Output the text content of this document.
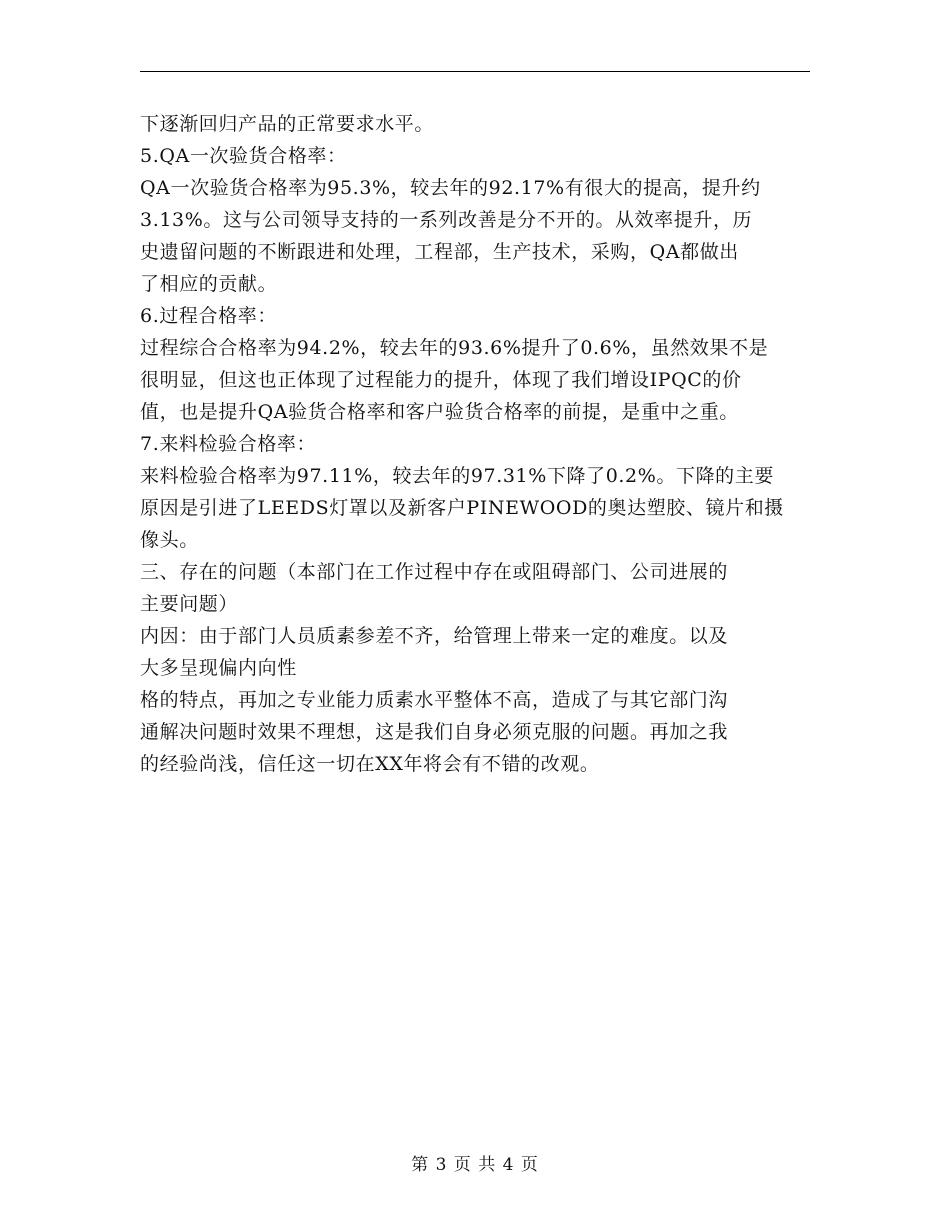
下逐渐回归产品的正常要求水平。
5.QA一次验货合格率：
QA一次验货合格率为95.3%，较去年的92.17%有很大的提高，提升约
3.13%。这与公司领导支持的一系列改善是分不开的。从效率提升，历
史遗留问题的不断跟进和处理，工程部，生产技术，采购，QA都做出
了相应的贡献。
6.过程合格率：
过程综合合格率为94.2%，较去年的93.6%提升了0.6%，虽然效果不是
很明显，但这也正体现了过程能力的提升，体现了我们增设IPQC的价
值，也是提升QA验货合格率和客户验货合格率的前提，是重中之重。
7.来料检验合格率：
来料检验合格率为97.11%，较去年的97.31%下降了0.2%。下降的主要
原因是引进了LEEDS灯罩以及新客户PINEWOOD的奥达塑胶、镜片和摄
像头。
三、存在的问题（本部门在工作过程中存在或阻碍部门、公司进展的
主要问题）
内因：由于部门人员质素参差不齐，给管理上带来一定的难度。以及
大多呈现偏内向性
格的特点，再加之专业能力质素水平整体不高，造成了与其它部门沟
通解决问题时效果不理想，这是我们自身必须克服的问题。再加之我
的经验尚浅，信任这一切在XX年将会有不错的改观。
第 3 页 共 4 页
